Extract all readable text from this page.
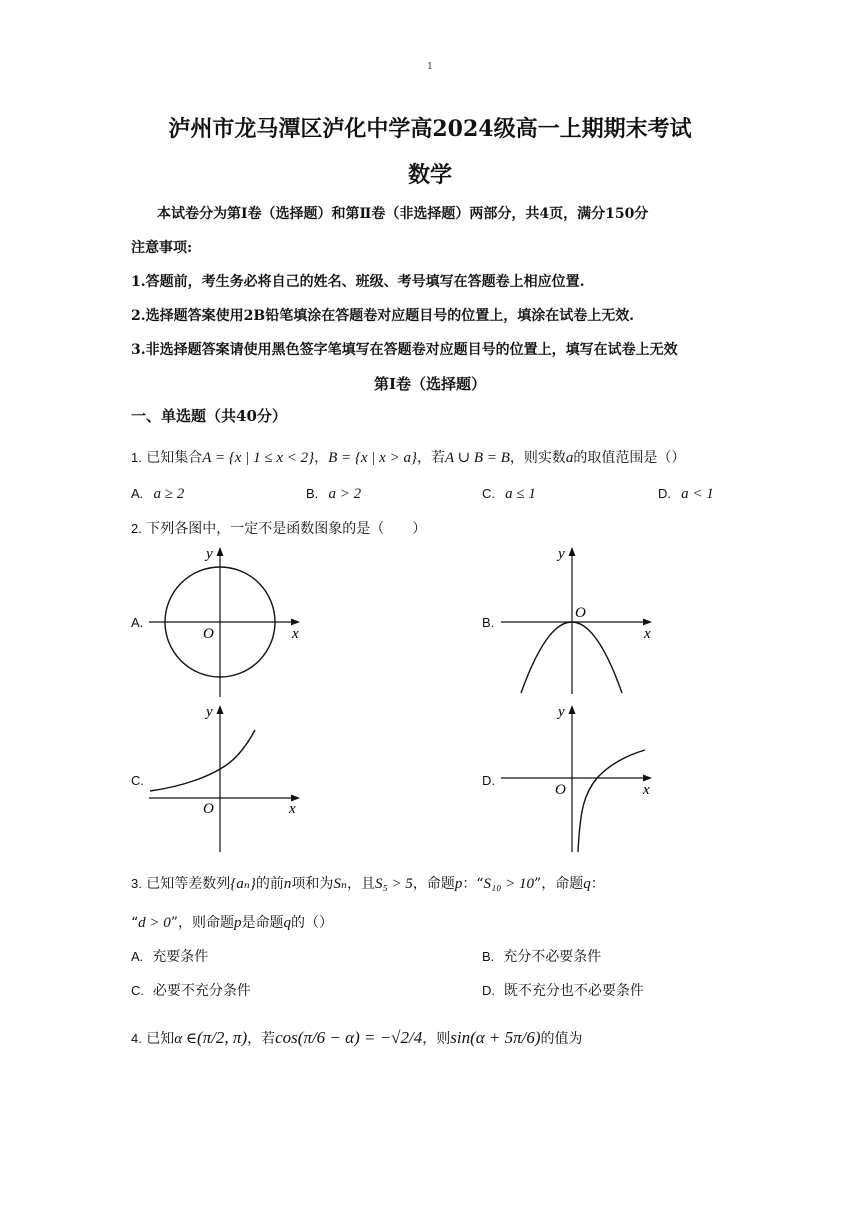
1
泸州市龙马潭区泸化中学高2024级高一上期期末考试
数学
本试卷分为第Ⅰ卷（选择题）和第Ⅱ卷（非选择题）两部分，共4页，满分150分
注意事项:
1.答题前，考生务必将自己的姓名、班级、考号填写在答题卷上相应位置.
2.选择题答案使用2B铅笔填涂在答题卷对应题目号的位置上，填涂在试卷上无效.
3.非选择题答案请使用黑色签字笔填写在答题卷对应题目号的位置上，填写在试卷上无效
第Ⅰ卷（选择题）
一、单选题（共40分）
1. 已知集合A = {x | 1 ≤ x < 2}，B = {x | x > a}，若A ∪ B = B，则实数a的取值范围是（）
A. a ≥ 2	B. a > 2	C. a ≤ 1	D. a < 1
2. 下列各图中，一定不是函数图象的是（　　）
A.
x
y
O
B.
x
y
O
C.
x
y
O
D.
x
y
O
3. 已知等差数列{aₙ}的前n项和为Sₙ，且S₅ > 5，命题p：“S₁₀ > 10”，命题q：
“d > 0”，则命题p是命题q的（）
A. 充要条件	B. 充分不必要条件
C. 必要不充分条件	D. 既不充分也不必要条件
4. 已知α ∈(π/2, π)，若cos(π/6 − α) = −√2/4，则sin(α + 5π/6)的值为
